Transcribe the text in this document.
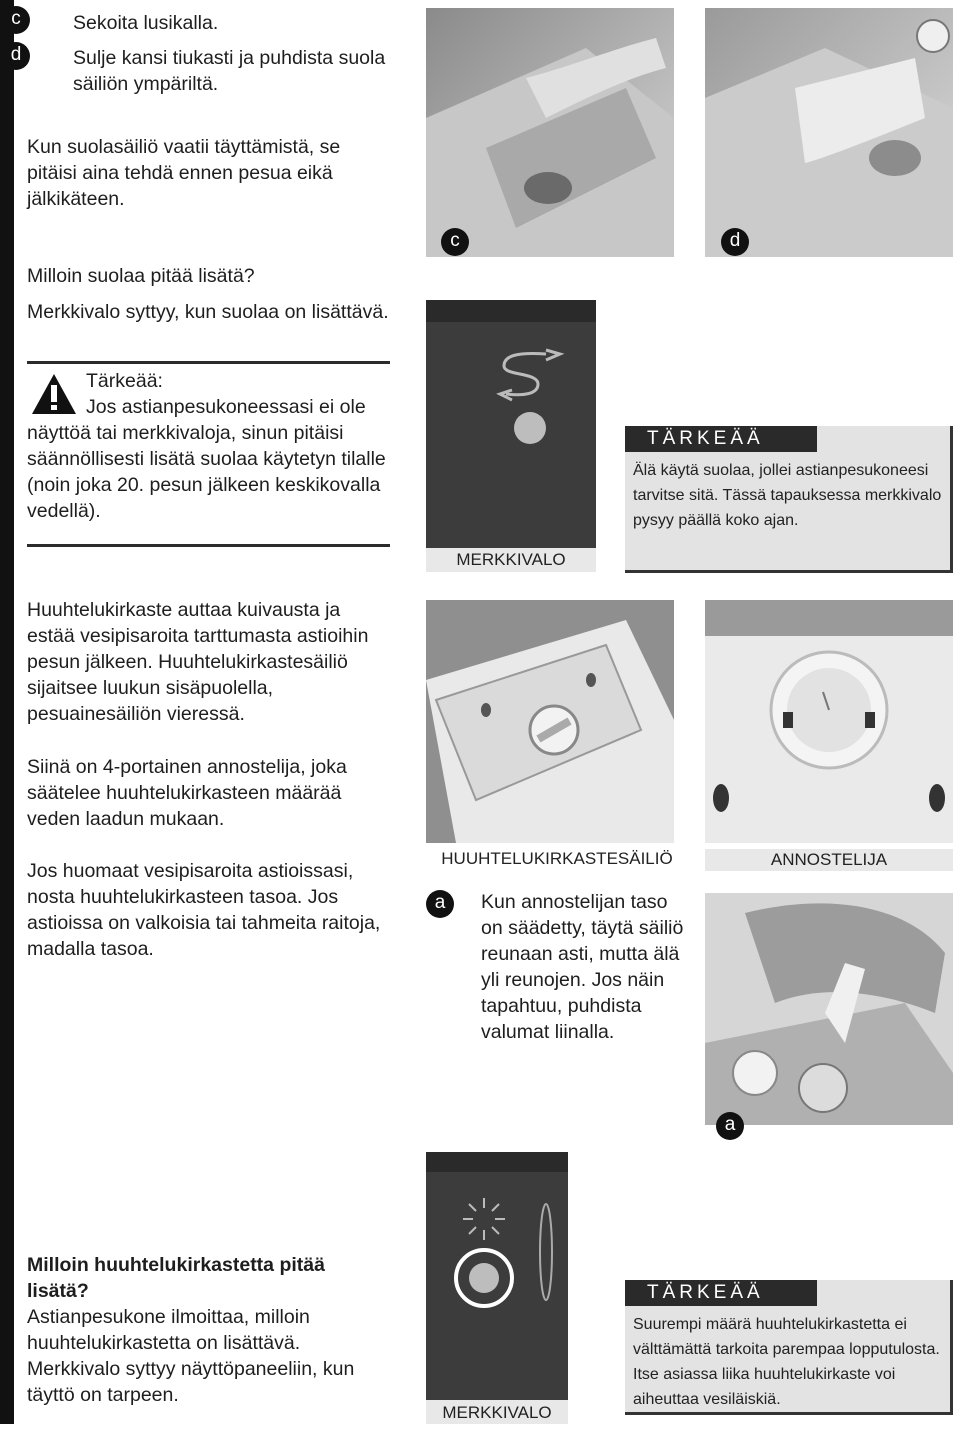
c	Sekoita lusikalla.
d	Sulje kansi tiukasti ja puhdista suola säiliön ympäriltä.
Kun suolasäiliö vaatii täyttämistä, se pitäisi aina tehdä ennen pesua eikä jälkikäteen.
Milloin suolaa pitää lisätä?
Merkkivalo syttyy, kun suolaa on lisättävä.
c	d
Tärkeää:
Jos astianpesukoneessasi ei ole
näyttöä tai merkkivaloja, sinun pitäisi säännöllisesti lisätä suolaa käytetyn tilalle (noin joka 20. pesun jälkeen keskikovalla vedellä).
MERKKIVALO
TÄRKEÄÄ
Älä käytä suolaa, jollei astianpesukoneesi tarvitse sitä. Tässä tapauksessa merkkivalo pysyy päällä koko ajan.
Huuhtelukirkaste auttaa kuivausta ja estää vesipisaroita tarttumasta astioihin pesun jälkeen. Huuhtelukirkastesäiliö sijaitsee luukun sisäpuolella, pesuainesäiliön vieressä.
Siinä on 4-portainen annostelija, joka säätelee huuhtelukirkasteen määrää veden laadun mukaan.
Jos huomaat vesipisaroita astioissasi, nosta huuhtelukirkasteen tasoa. Jos astioissa on valkoisia tai tahmeita raitoja, madalla tasoa.
HUUHTELUKIRKASTESÄILIÖ	ANNOSTELIJA
a	Kun annostelijan taso on säädetty, täytä säiliö reunaan asti, mutta älä yli reunojen. Jos näin tapahtuu, puhdista valumat liinalla.
a
Milloin huuhtelukirkastetta pitää lisätä?
Astianpesukone ilmoittaa, milloin huuhtelukirkastetta on lisättävä. Merkkivalo syttyy näyttöpaneeliin, kun täyttö on tarpeen.
MERKKIVALO
TÄRKEÄÄ
Suurempi määrä huuhtelukirkastetta ei välttämättä tarkoita parempaa lopputulosta. Itse asiassa liika huuhtelukirkaste voi aiheuttaa vesiläiskiä.
